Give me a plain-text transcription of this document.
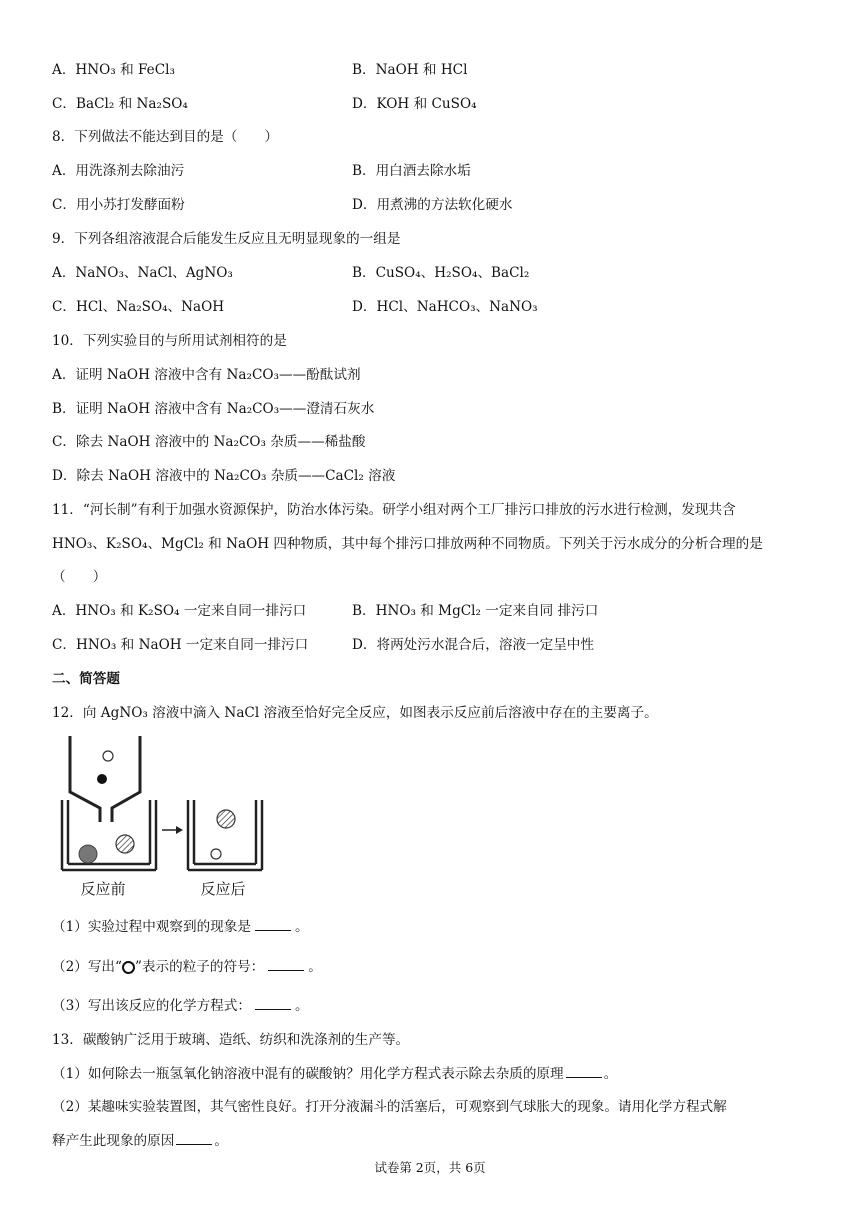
A．HNO₃ 和 FeCl₃	B．NaOH 和 HCl
C．BaCl₂ 和 Na₂SO₄	D．KOH 和 CuSO₄
8．下列做法不能达到目的是（　　）
A．用洗涤剂去除油污	B．用白酒去除水垢
C．用小苏打发酵面粉	D．用煮沸的方法软化硬水
9．下列各组溶液混合后能发生反应且无明显现象的一组是
A．NaNO₃、NaCl、AgNO₃	B．CuSO₄、H₂SO₄、BaCl₂
C．HCl、Na₂SO₄、NaOH	D．HCl、NaHCO₃、NaNO₃
10．下列实验目的与所用试剂相符的是
A．证明 NaOH 溶液中含有 Na₂CO₃——酚酞试剂
B．证明 NaOH 溶液中含有 Na₂CO₃——澄清石灰水
C．除去 NaOH 溶液中的 Na₂CO₃ 杂质——稀盐酸
D．除去 NaOH 溶液中的 Na₂CO₃ 杂质——CaCl₂ 溶液
11．“河长制”有利于加强水资源保护，防治水体污染。研学小组对两个工厂排污口排放的污水进行检测，发现共含
HNO₃、K₂SO₄、MgCl₂ 和 NaOH 四种物质，其中每个排污口排放两种不同物质。下列关于污水成分的分析合理的是
（　　）
A．HNO₃ 和 K₂SO₄ 一定来自同一排污口	B．HNO₃ 和 MgCl₂ 一定来自同 排污口
C．HNO₃ 和 NaOH 一定来自同一排污口	D．将两处污水混合后，溶液一定呈中性
二、简答题
12．向 AgNO₃ 溶液中滴入 NaCl 溶液至恰好完全反应，如图表示反应前后溶液中存在的主要离子。
反应前	反应后
（1）实验过程中观察到的现象是	。
（2）写出“ ”表示的粒子的符号：	。
（3）写出该反应的化学方程式：	。
13．碳酸钠广泛用于玻璃、造纸、纺织和洗涤剂的生产等。
（1）如何除去一瓶氢氧化钠溶液中混有的碳酸钠？用化学方程式表示除去杂质的原理	。
（2）某趣味实验装置图，其气密性良好。打开分液漏斗的活塞后，可观察到气球胀大的现象。请用化学方程式解
释产生此现象的原因	。
试卷第 2页，共 6页
